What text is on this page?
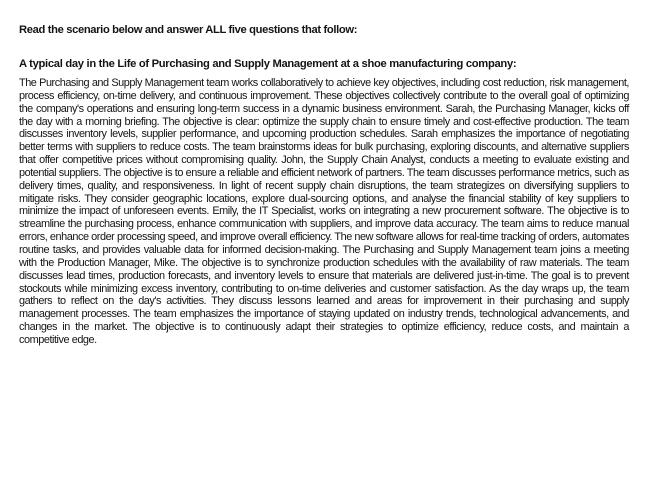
Read the scenario below and answer ALL five questions that follow:

A typical day in the Life of Purchasing and Supply Management at a shoe manufacturing company:

The Purchasing and Supply Management team works collaboratively to achieve key objectives, including cost reduction, risk management, process efficiency, on-time delivery, and continuous improvement. These objectives collectively contribute to the overall goal of optimizing the company's operations and ensuring long-term success in a dynamic business environment. Sarah, the Purchasing Manager, kicks off the day with a morning briefing. The objective is clear: optimize the supply chain to ensure timely and cost-effective production. The team discusses inventory levels, supplier performance, and upcoming production schedules. Sarah emphasizes the importance of negotiating better terms with suppliers to reduce costs. The team brainstorms ideas for bulk purchasing, exploring discounts, and alternative suppliers that offer competitive prices without compromising quality. John, the Supply Chain Analyst, conducts a meeting to evaluate existing and potential suppliers. The objective is to ensure a reliable and efficient network of partners. The team discusses performance metrics, such as delivery times, quality, and responsiveness. In light of recent supply chain disruptions, the team strategizes on diversifying suppliers to mitigate risks. They consider geographic locations, explore dual-sourcing options, and analyse the financial stability of key suppliers to minimize the impact of unforeseen events. Emily, the IT Specialist, works on integrating a new procurement software. The objective is to streamline the purchasing process, enhance communication with suppliers, and improve data accuracy. The team aims to reduce manual errors, enhance order processing speed, and improve overall efficiency. The new software allows for real-time tracking of orders, automates routine tasks, and provides valuable data for informed decision-making. The Purchasing and Supply Management team joins a meeting with the Production Manager, Mike. The objective is to synchronize production schedules with the availability of raw materials. The team discusses lead times, production forecasts, and inventory levels to ensure that materials are delivered just-in-time. The goal is to prevent stockouts while minimizing excess inventory, contributing to on-time deliveries and customer satisfaction. As the day wraps up, the team gathers to reflect on the day's activities. They discuss lessons learned and areas for improvement in their purchasing and supply management processes. The team emphasizes the importance of staying updated on industry trends, technological advancements, and changes in the market. The objective is to continuously adapt their strategies to optimize efficiency, reduce costs, and maintain a competitive edge.
